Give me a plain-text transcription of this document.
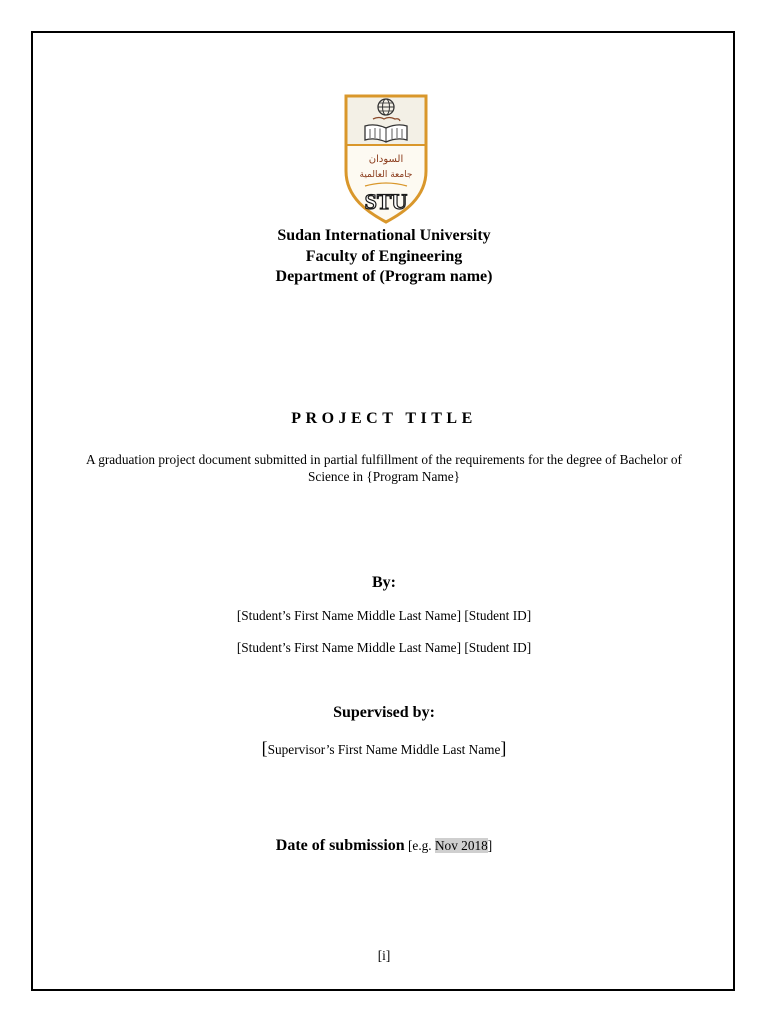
السودان
جامعة العالمية
STU
Sudan International University
Faculty of Engineering
Department of (Program name)
PROJECT TITLE
A graduation project document submitted in partial fulfillment of the requirements for the degree of Bachelor of Science in {Program Name}
By:
[Student’s First Name Middle Last Name] [Student ID]
[Student’s First Name Middle Last Name] [Student ID]
Supervised by:
[Supervisor’s First Name Middle Last Name]
Date of submission [e.g. Nov 2018]
[i]
